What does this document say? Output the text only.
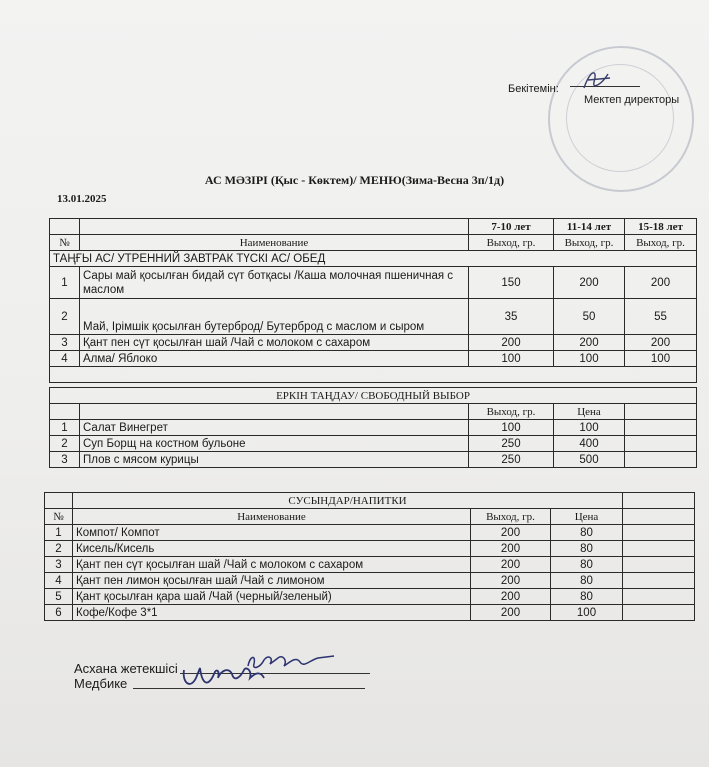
Бекітемін:
Мектеп директоры
АС МӘЗІРІ (Қыс - Көктем)/ МЕНЮ(Зима-Весна 3п/1д)
13.01.2025
		7-10 лет	11-14 лет	15-18 лет
№	Наименование	Выход, гр.	Выход, гр.	Выход, гр.
ТАҢҒЫ АС/ УТРЕННИЙ ЗАВТРАК ТҮСКІ АС/ ОБЕД				
1	Сары май қосылған бидай сүт ботқасы /Каша молочная пшеничная с маслом	150	200	200
2	Май, Ірімшік қосылған бутерброд/ Бутерброд с маслом и сыром	35	50	55
3	Қант пен сүт қосылған шай /Чай с молоком с сахаром	200	200	200
4	Алма/ Яблоко	100	100	100

ЕРКІН ТАҢДАУ/ СВОБОДНЫЙ ВЫБОР				
		Выход, гр.	Цена	
1	Салат Винегрет	100	100	
2	Суп Борщ на костном бульоне	250	400	
3	Плов с мясом курицы	250	500	
	СУСЫНДАР/НАПИТКИ			
№	Наименование	Выход, гр.	Цена	
1	Компот/ Компот	200	80	
2	Кисель/Кисель	200	80	
3	Қант пен сүт қосылған шай /Чай с молоком с сахаром	200	80	
4	Қант пен лимон қосылған шай /Чай с лимоном	200	80	
5	Қант қосылған қара шай /Чай (черный/зеленый)	200	80	
6	Кофе/Кофе 3*1	200	100	
Асхана жетекшісі
Медбике
